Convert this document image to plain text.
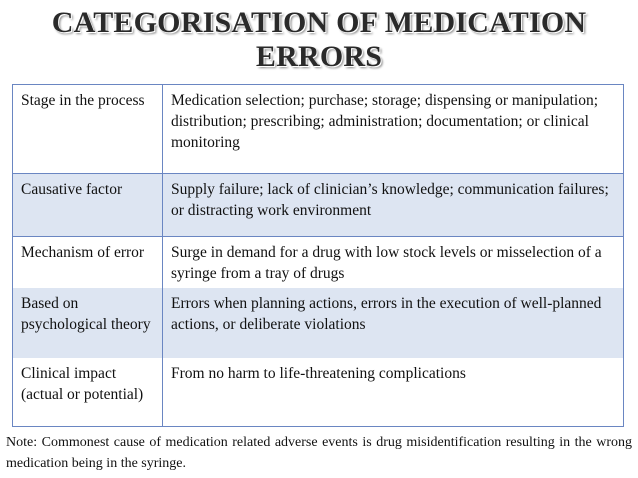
CATEGORISATION OF MEDICATION
ERRORS
Stage in the process	Medication selection; purchase; storage; dispensing or manipulation; distribution; prescribing; administration; documentation; or clinical monitoring
Causative factor	Supply failure; lack of clinician’s knowledge; communication failures; or distracting work environment
Mechanism of error	Surge in demand for a drug with low stock levels or misselection of a syringe from a tray of drugs
Based on psychological theory	Errors when planning actions, errors in the execution of well-planned actions, or deliberate violations
Clinical impact (actual or potential)	From no harm to life-threatening complications
Note: Commonest cause of medication related adverse events is drug misidentification resulting in the wrong medication being in the syringe.
